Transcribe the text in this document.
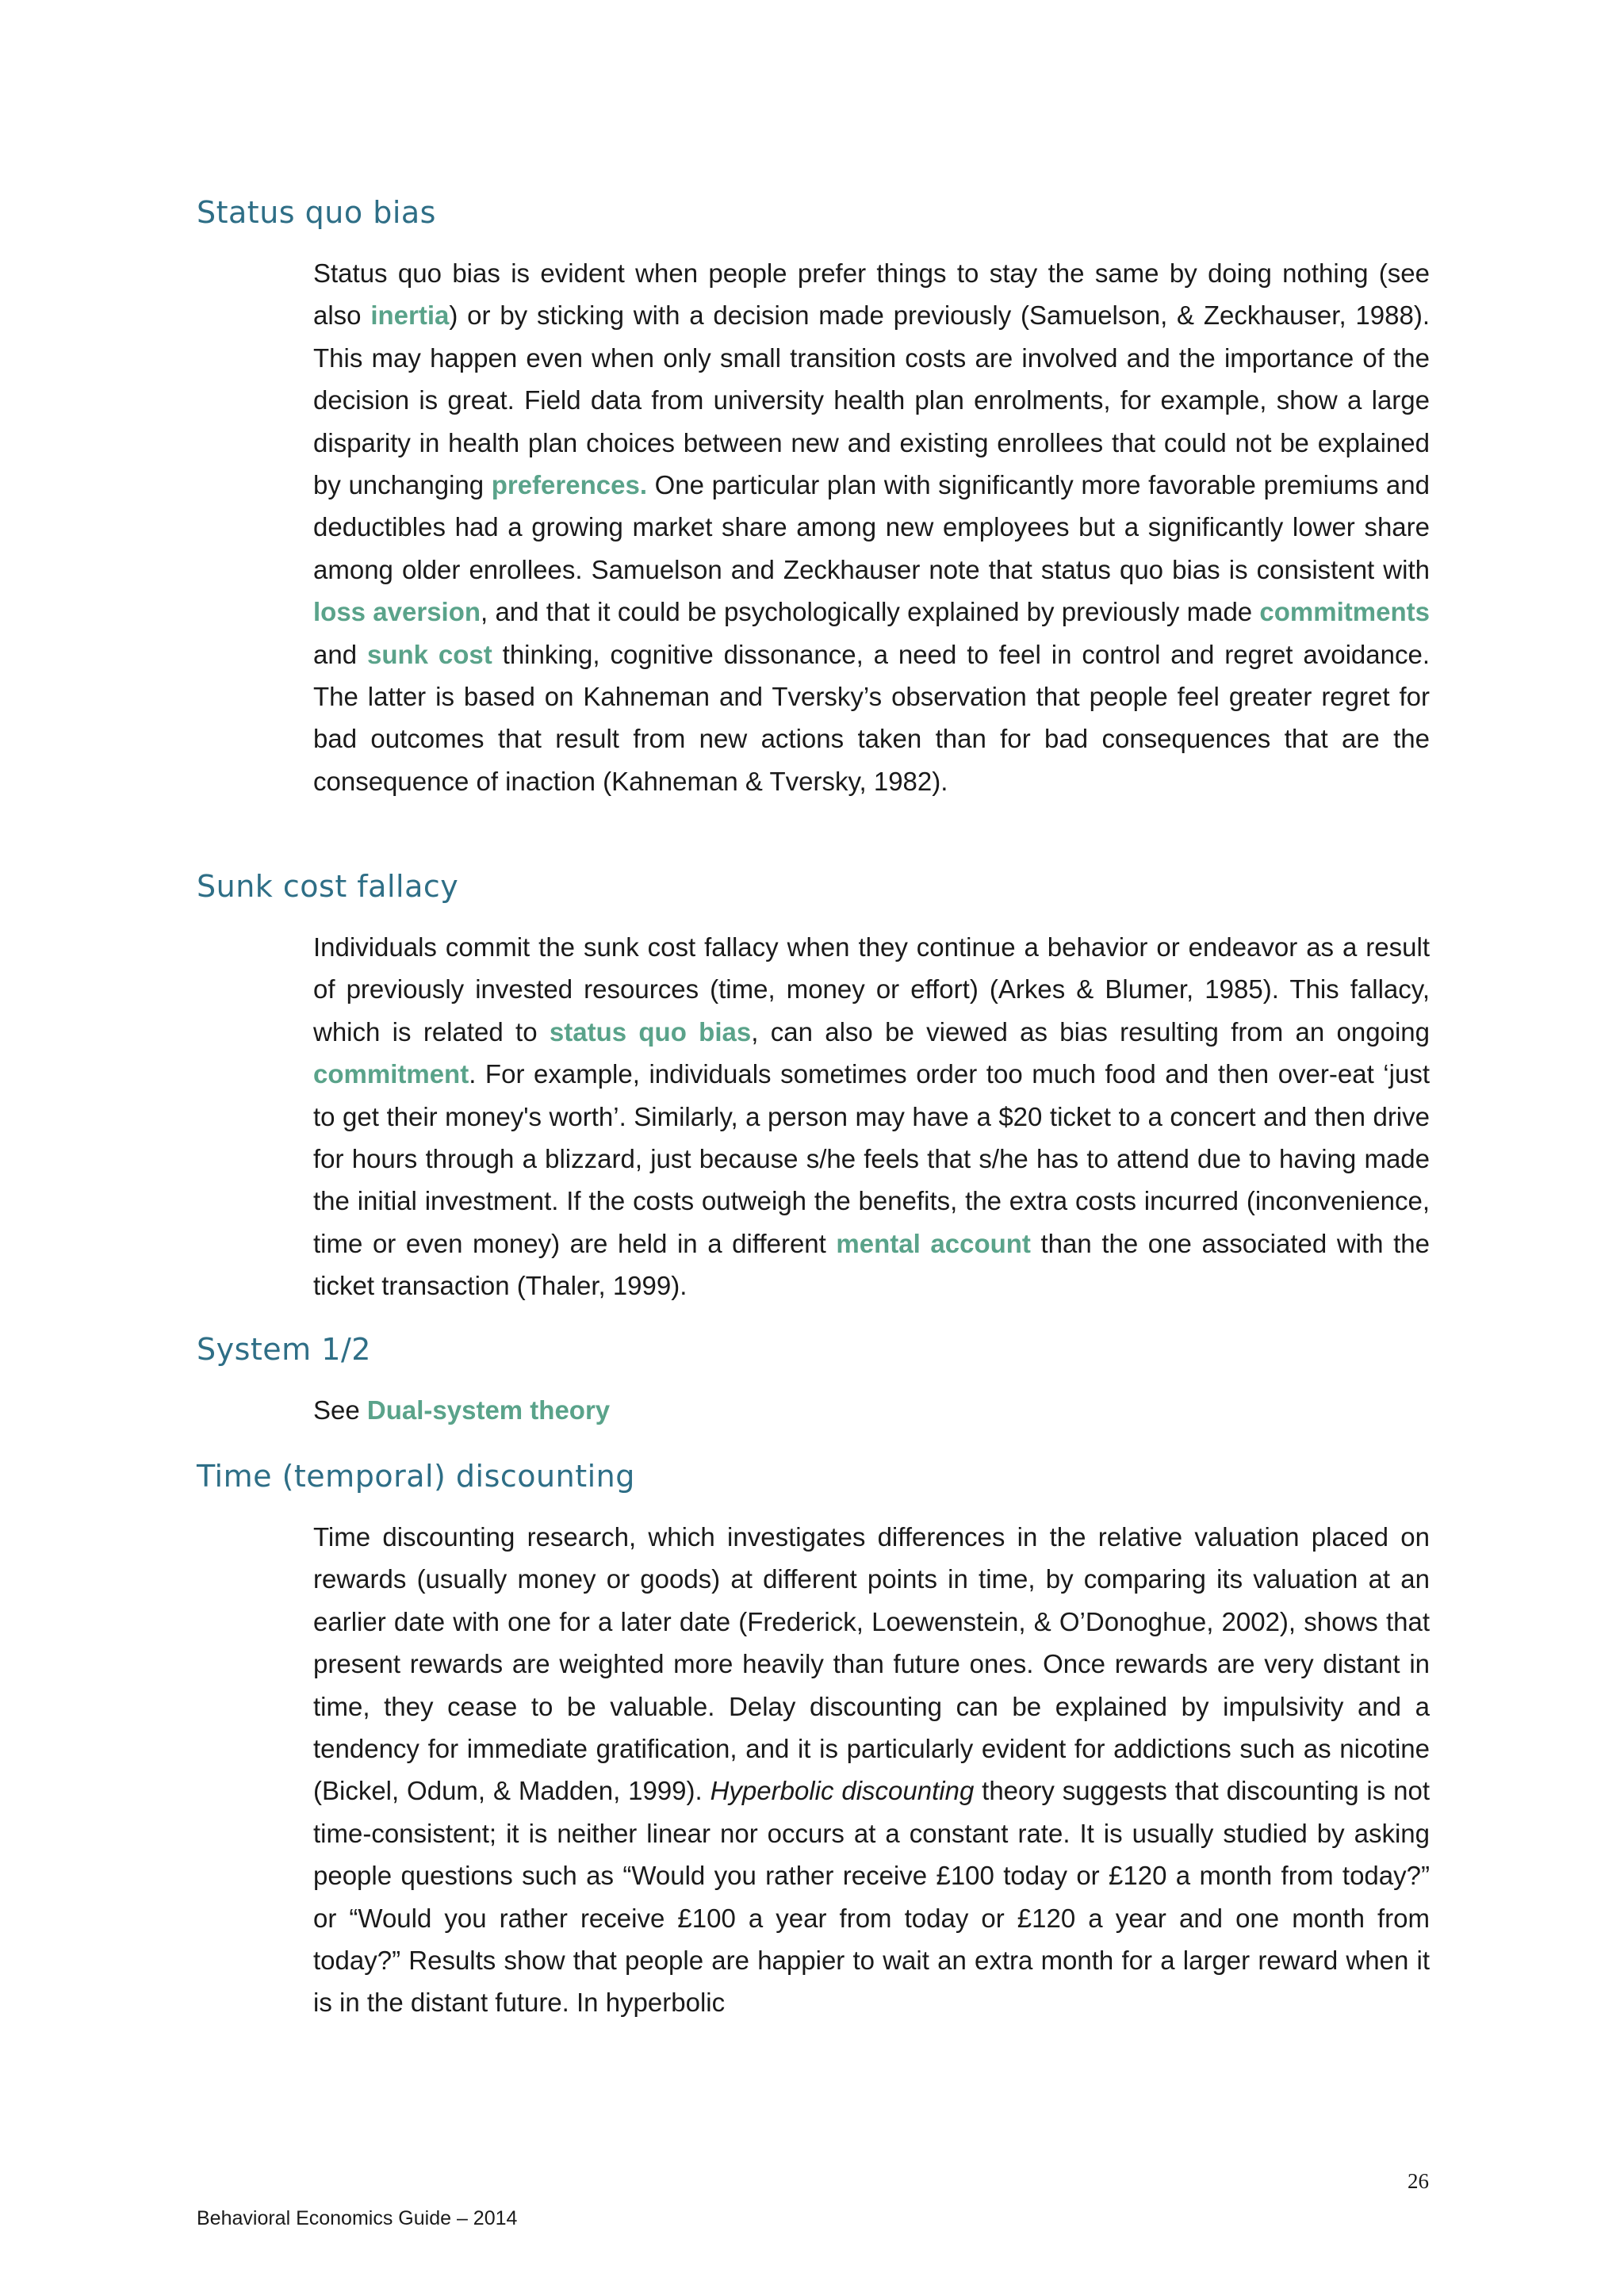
Status quo bias

Status quo bias is evident when people prefer things to stay the same by doing nothing (see also inertia) or by sticking with a decision made previously (Samuelson, & Zeckhauser, 1988). This may happen even when only small transition costs are involved and the importance of the decision is great. Field data from university health plan enrolments, for example, show a large disparity in health plan choices between new and existing enrollees that could not be explained by unchanging preferences. One particular plan with significantly more favorable premiums and deductibles had a growing market share among new employees but a significantly lower share among older enrollees. Samuelson and Zeckhauser note that status quo bias is consistent with loss aversion, and that it could be psychologically explained by previously made commitments and sunk cost thinking, cognitive dissonance, a need to feel in control and regret avoidance. The latter is based on Kahneman and Tversky’s observation that people feel greater regret for bad outcomes that result from new actions taken than for bad consequences that are the consequence of inaction (Kahneman & Tversky, 1982).

Sunk cost fallacy

Individuals commit the sunk cost fallacy when they continue a behavior or endeavor as a result of previously invested resources (time, money or effort) (Arkes & Blumer, 1985). This fallacy, which is related to status quo bias, can also be viewed as bias resulting from an ongoing commitment. For example, individuals sometimes order too much food and then over-eat ‘just to get their money's worth’. Similarly, a person may have a $20 ticket to a concert and then drive for hours through a blizzard, just because s/he feels that s/he has to attend due to having made the initial investment. If the costs outweigh the benefits, the extra costs incurred (inconvenience, time or even money) are held in a different mental account than the one associated with the ticket transaction (Thaler, 1999).

System 1/2

See Dual-system theory

Time (temporal) discounting

Time discounting research, which investigates differences in the relative valuation placed on rewards (usually money or goods) at different points in time, by comparing its valuation at an earlier date with one for a later date (Frederick, Loewenstein, & O’Donoghue, 2002), shows that present rewards are weighted more heavily than future ones. Once rewards are very distant in time, they cease to be valuable. Delay discounting can be explained by impulsivity and a tendency for immediate gratification, and it is particularly evident for addictions such as nicotine (Bickel, Odum, & Madden, 1999). Hyperbolic discounting theory suggests that discounting is not time-consistent; it is neither linear nor occurs at a constant rate. It is usually studied by asking people questions such as “Would you rather receive £100 today or £120 a month from today?” or “Would you rather receive £100 a year from today or £120 a year and one month from today?” Results show that people are happier to wait an extra month for a larger reward when it is in the distant future. In hyperbolic

26
Behavioral Economics Guide – 2014
